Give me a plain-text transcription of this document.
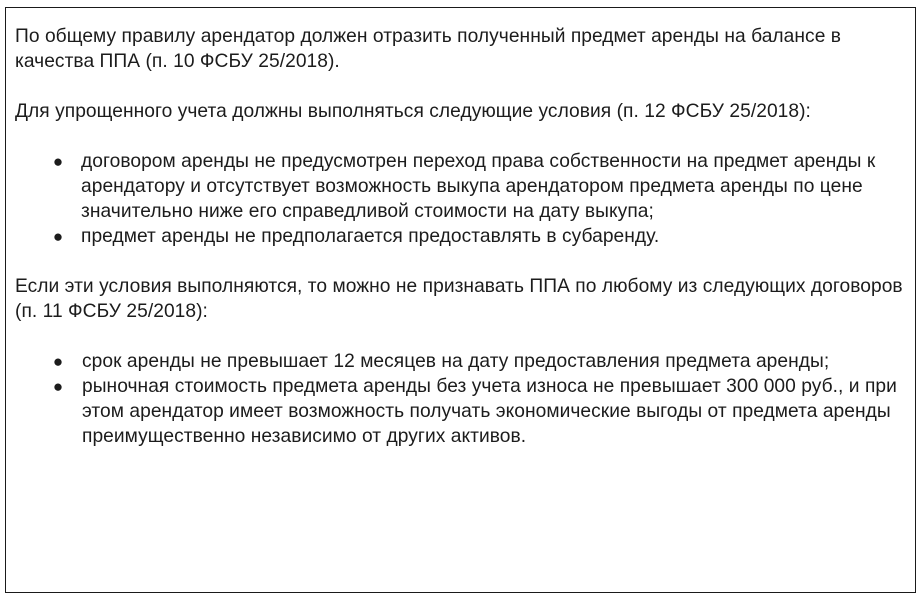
По общему правилу арендатор должен отразить полученный предмет аренды на балансе в качества ППА (п. 10 ФСБУ 25/2018).

Для упрощенного учета должны выполняться следующие условия (п. 12 ФСБУ 25/2018):

● договором аренды не предусмотрен переход права собственности на предмет аренды к арендатору и отсутствует возможность выкупа арендатором предмета аренды по цене значительно ниже его справедливой стоимости на дату выкупа;
● предмет аренды не предполагается предоставлять в субаренду.

Если эти условия выполняются, то можно не признавать ППА по любому из следующих договоров (п. 11 ФСБУ 25/2018):

● срок аренды не превышает 12 месяцев на дату предоставления предмета аренды;
● рыночная стоимость предмета аренды без учета износа не превышает 300 000 руб., и при этом арендатор имеет возможность получать экономические выгоды от предмета аренды преимущественно независимо от других активов.
